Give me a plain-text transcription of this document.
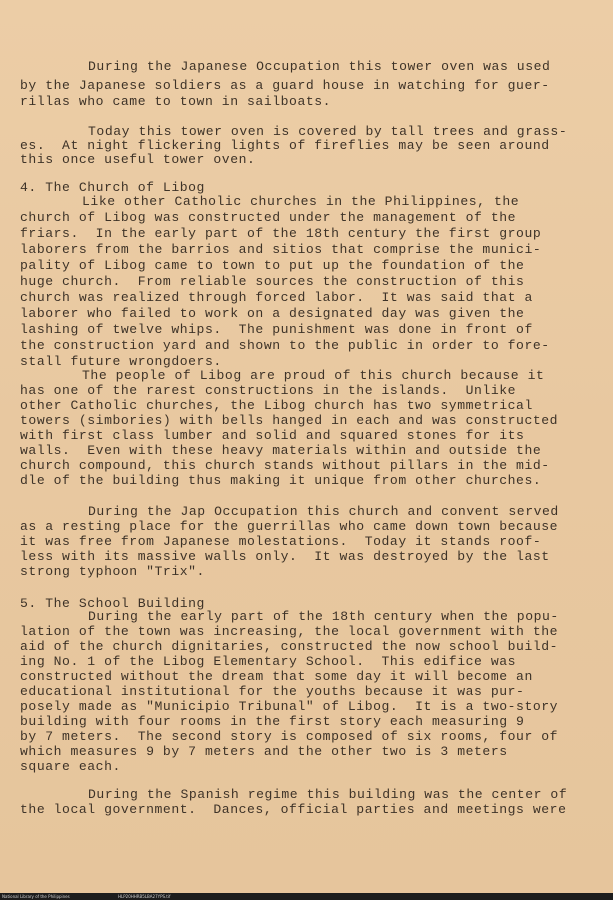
During the Japanese Occupation this tower oven was used
by the Japanese soldiers as a guard house in watching for guer-
rillas who came to town in sailboats.
Today this tower oven is covered by tall trees and grass-
es.  At night flickering lights of fireflies may be seen around
this once useful tower oven.
4. The Church of Libog
Like other Catholic churches in the Philippines, the
church of Libog was constructed under the management of the
friars.  In the early part of the 18th century the first group
laborers from the barrios and sitios that comprise the munici-
pality of Libog came to town to put up the foundation of the
huge church.  From reliable sources the construction of this
church was realized through forced labor.  It was said that a
laborer who failed to work on a designated day was given the
lashing of twelve whips.  The punishment was done in front of
the construction yard and shown to the public in order to fore-
stall future wrongdoers.
The people of Libog are proud of this church because it
has one of the rarest constructions in the islands.  Unlike
other Catholic churches, the Libog church has two symmetrical
towers (simbories) with bells hanged in each and was constructed
with first class lumber and solid and squared stones for its
walls.  Even with these heavy materials within and outside the
church compound, this church stands without pillars in the mid-
dle of the building thus making it unique from other churches.
During the Jap Occupation this church and convent served
as a resting place for the guerrillas who came down town because
it was free from Japanese molestations.  Today it stands roof-
less with its massive walls only.  It was destroyed by the last
strong typhoon "Trix".
5. The School Building
During the early part of the 18th century when the popu-
lation of the town was increasing, the local government with the
aid of the church dignitaries, constructed the now school build-
ing No. 1 of the Libog Elementary School.  This edifice was
constructed without the dream that some day it will become an
educational institutional for the youths because it was pur-
posely made as "Municipio Tribunal" of Libog.  It is a two-story
building with four rooms in the first story each measuring 9
by 7 meters.  The second story is composed of six rooms, four of
which measures 9 by 7 meters and the other two is 3 meters
square each.
During the Spanish regime this building was the center of
the local government.  Dances, official parties and meetings were
National Library of the Philippines	HLP20HHRB5LBA27YPS.tif
